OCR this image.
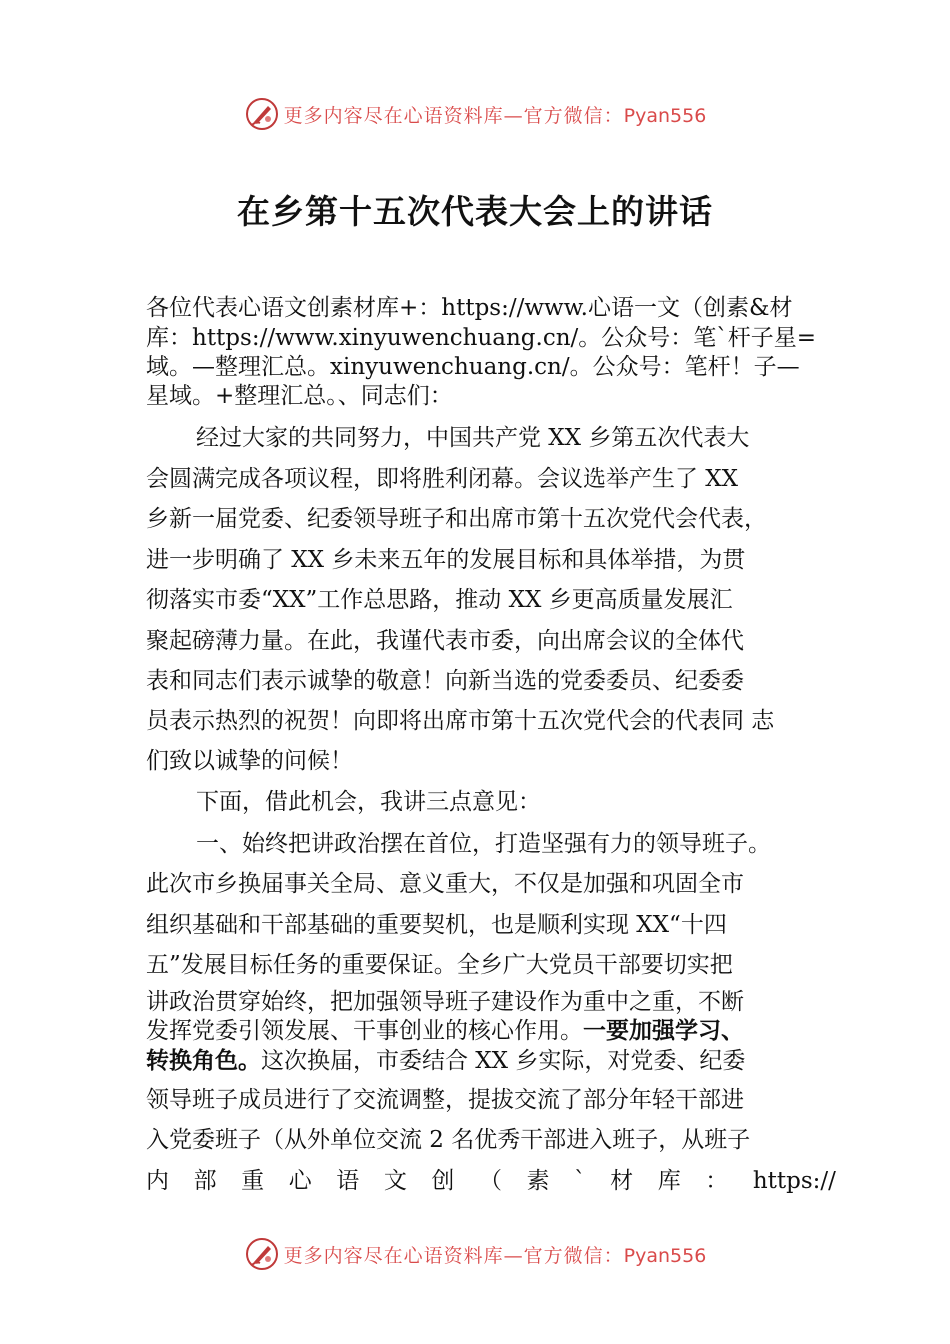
更多内容尽在心语资料库—官方微信：Pyan556
在乡第十五次代表大会上的讲话
各位代表心语文创素材库+：https://www.心语一文（创素&材
库：https://www.xinyuwenchuang.cn/。公众号：笔`杆子星=
域。—整理汇总。xinyuwenchuang.cn/。公众号：笔杆！子—
星域。+整理汇总。、同志们：
经过大家的共同努力，中国共产党 XX 乡第五次代表大
会圆满完成各项议程，即将胜利闭幕。会议选举产生了 XX
乡新一届党委、纪委领导班子和出席市第十五次党代会代表，
进一步明确了 XX 乡未来五年的发展目标和具体举措，为贯
彻落实市委“XX”工作总思路，推动 XX 乡更高质量发展汇
聚起磅薄力量。在此，我谨代表市委，向出席会议的全体代
表和同志们表示诚挚的敬意！向新当选的党委委员、纪委委
员表示热烈的祝贺！向即将出席市第十五次党代会的代表同 志
们致以诚挚的问候！
下面，借此机会，我讲三点意见：
一、始终把讲政治摆在首位，打造坚强有力的领导班子。
此次市乡换届事关全局、意义重大，不仅是加强和巩固全市
组织基础和干部基础的重要契机，也是顺利实现 XX“十四
五”发展目标任务的重要保证。全乡广大党员干部要切实把
讲政治贯穿始终，把加强领导班子建设作为重中之重，不断
发挥党委引领发展、干事创业的核心作用。一要加强学习、
转换角色。这次换届，市委结合 XX 乡实际，对党委、纪委
领导班子成员进行了交流调整，提拔交流了部分年轻干部进
入党委班子（从外单位交流 2 名优秀干部进入班子，从班子
内 部 重 心 语 文 创 （ 素 ` 材 库 ： https://
更多内容尽在心语资料库—官方微信：Pyan556
